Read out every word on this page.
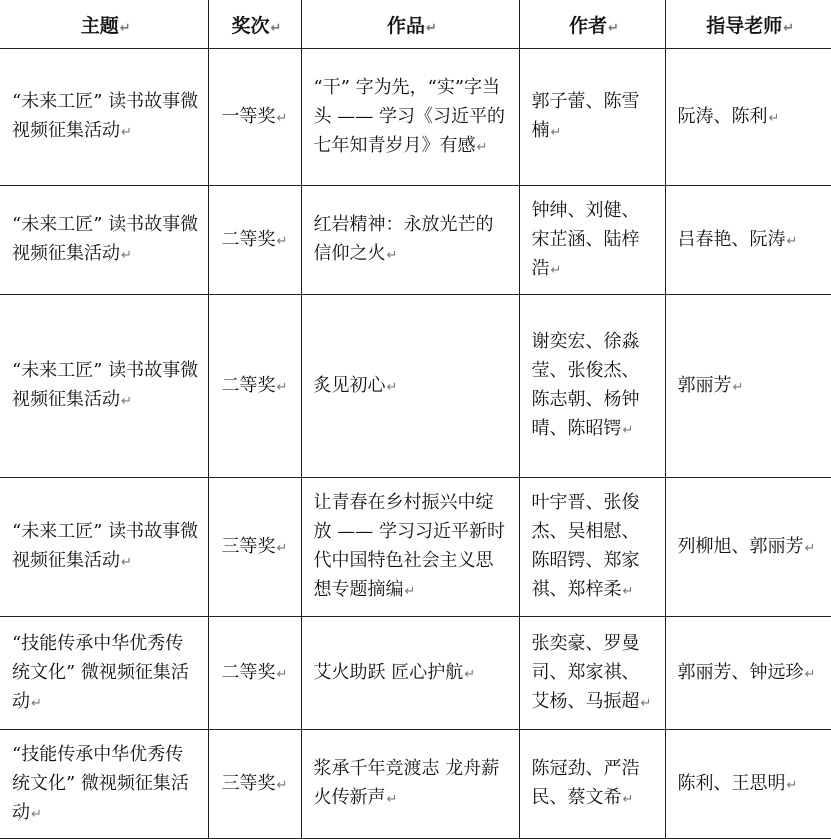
主题↵	奖次↵	作品↵	作者↵	指导老师↵
“未来工匠” 读书故事微视频征集活动↵	一等奖↵	“干” 字为先，“实”字当头 —— 学习《习近平的七年知青岁月》有感↵	郭子蕾、陈雪楠↵	阮涛、陈利↵
“未来工匠” 读书故事微视频征集活动↵	二等奖↵	红岩精神：永放光芒的信仰之火↵	钟绅、刘健、宋芷涵、陆梓浩↵	吕春艳、阮涛↵
“未来工匠” 读书故事微视频征集活动↵	二等奖↵	炙见初心↵	谢奕宏、徐淼莹、张俊杰、陈志朝、杨钟晴、陈昭锷↵	郭丽芳↵
“未来工匠” 读书故事微视频征集活动↵	三等奖↵	让青春在乡村振兴中绽放 —— 学习习近平新时代中国特色社会主义思想专题摘编↵	叶宇晋、张俊杰、吴相慰、陈昭锷、郑家祺、郑梓柔↵	列柳旭、郭丽芳↵
“技能传承中华优秀传统文化” 微视频征集活动↵	二等奖↵	艾火助跃 匠心护航↵	张奕豪、罗曼司、郑家祺、艾杨、马振超↵	郭丽芳、钟远珍↵
“技能传承中华优秀传统文化” 微视频征集活动↵	三等奖↵	浆承千年竞渡志 龙舟薪火传新声↵	陈冠劲、严浩民、蔡文希↵	陈利、王思明↵
